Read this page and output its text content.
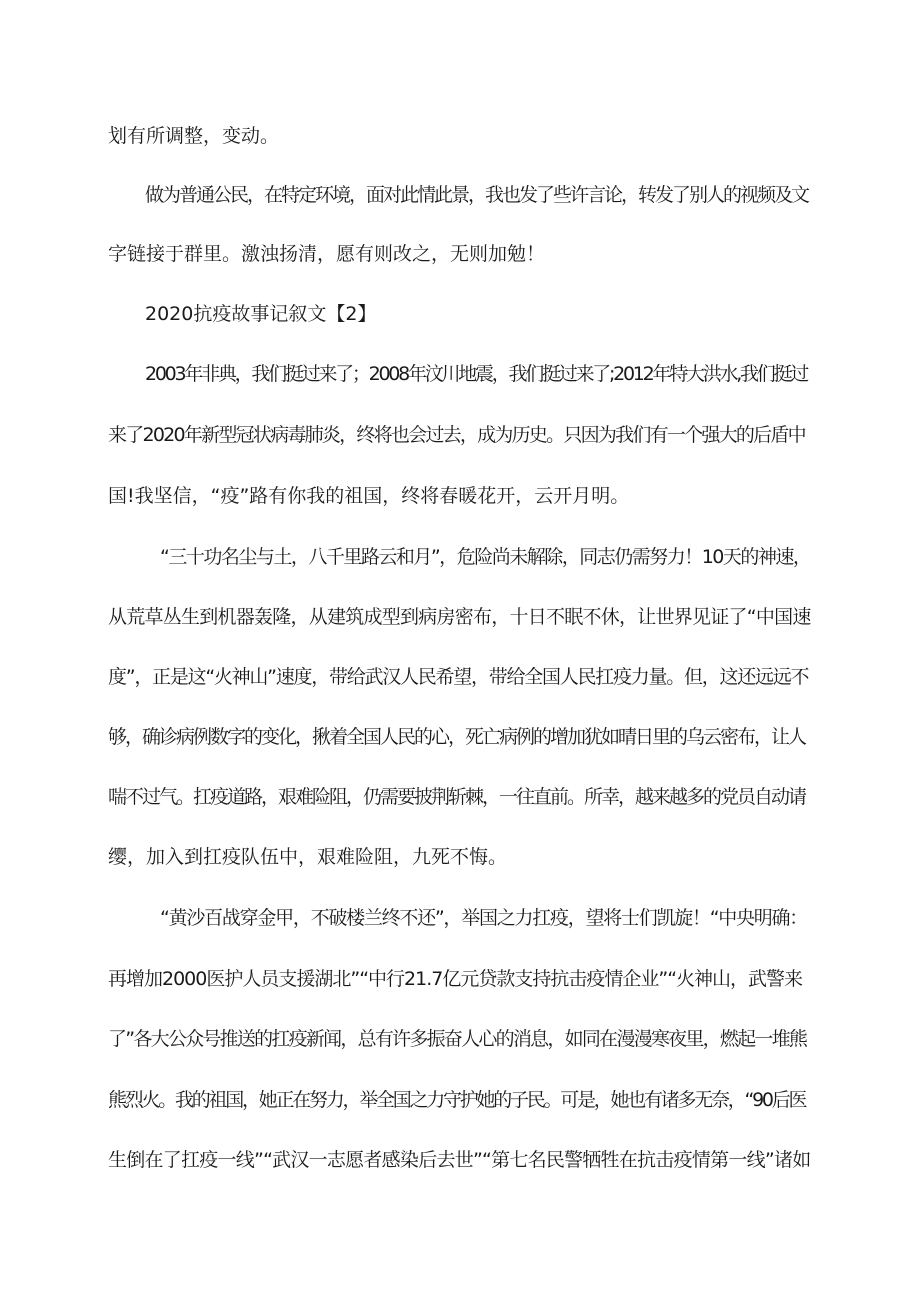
划有所调整，变动。
做为普通公民，在特定环境，面对此情此景，我也发了些许言论，转发了别人的视频及文
字链接于群里。激浊扬清，愿有则改之，无则加勉！
2020抗疫故事记叙文【2】
2003年非典，我们挺过来了；2008年汶川地震，我们挺过来了;2012年特大洪水,我们挺过
来了2020年新型冠状病毒肺炎，终将也会过去，成为历史。只因为我们有一个强大的后盾中
国!我坚信，“疫”路有你我的祖国，终将春暖花开，云开月明。
“三十功名尘与土，八千里路云和月”，危险尚未解除，同志仍需努力！10天的神速，
从荒草丛生到机器轰隆，从建筑成型到病房密布，十日不眠不休，让世界见证了“中国速
度”，正是这“火神山”速度，带给武汉人民希望，带给全国人民扛疫力量。但，这还远远不
够，确诊病例数字的变化，揪着全国人民的心，死亡病例的增加犹如晴日里的乌云密布，让人
喘不过气。扛疫道路，艰难险阻，仍需要披荆斩棘，一往直前。所幸，越来越多的党员自动请
缨，加入到扛疫队伍中，艰难险阻，九死不悔。
“黄沙百战穿金甲，不破楼兰终不还”，举国之力扛疫，望将士们凯旋！“中央明确：
再增加2000医护人员支援湖北”“中行21.7亿元贷款支持抗击疫情企业”“火神山，武警来
了”各大公众号推送的扛疫新闻，总有许多振奋人心的消息，如同在漫漫寒夜里，燃起一堆熊
熊烈火。我的祖国，她正在努力，举全国之力守护她的子民。可是，她也有诸多无奈，“90后医
生倒在了扛疫一线”“武汉一志愿者感染后去世”“第七名民警牺牲在抗击疫情第一线”诸如
